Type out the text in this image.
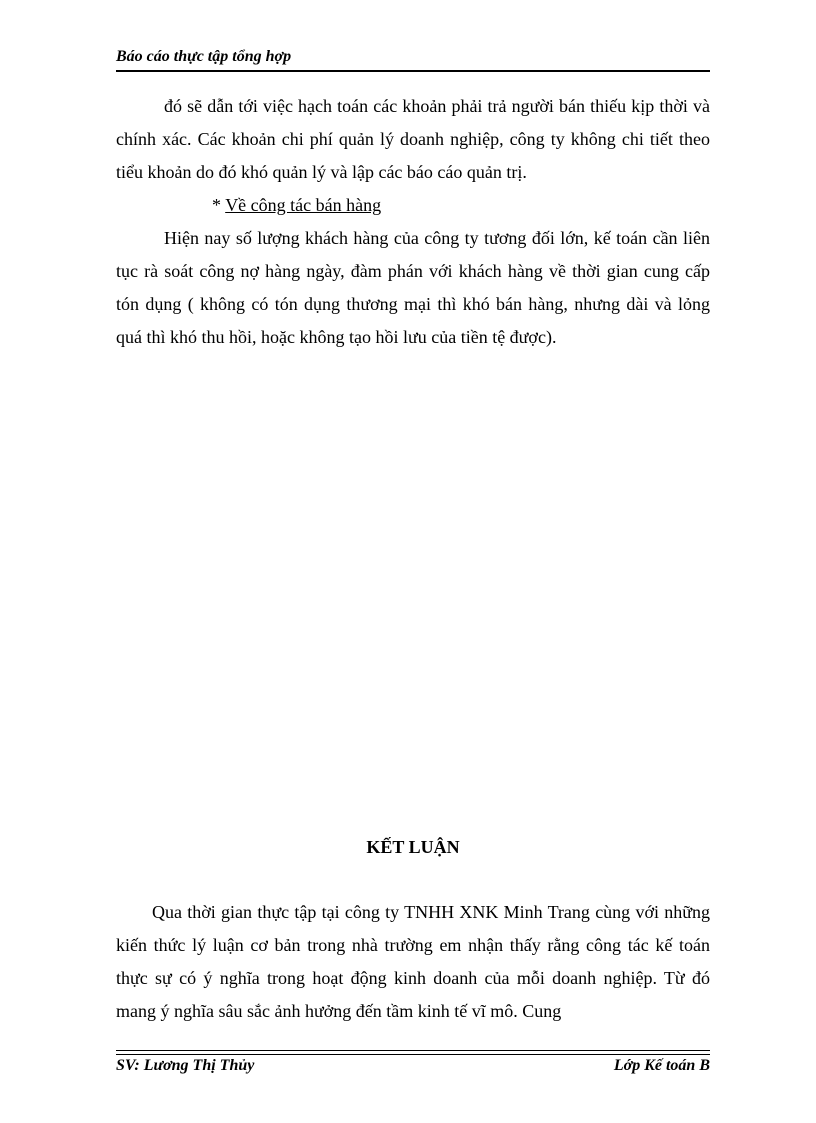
Báo cáo thực tập tổng hợp

đó sẽ dẫn tới việc hạch toán các khoản phải trả người bán thiếu kịp thời và chính xác. Các khoản chi phí quản lý doanh nghiệp, công ty không chi tiết theo tiểu khoản do đó khó quản lý và lập các báo cáo quản trị.

* Về công tác bán hàng

Hiện nay số lượng khách hàng của công ty tương đối lớn, kế toán cần liên tục rà soát công nợ hàng ngày, đàm phán với khách hàng về thời gian cung cấp tón dụng ( không có tón dụng thương mại thì khó bán hàng, nhưng dài và lỏng quá thì khó thu hồi, hoặc không tạo hồi lưu của tiền tệ được).

KẾT LUẬN

Qua thời gian thực tập tại công ty TNHH XNK Minh Trang cùng với những kiến thức lý luận cơ bản trong nhà trường em nhận thấy rằng công tác kế toán thực sự có ý nghĩa trong hoạt động kinh doanh của mỗi doanh nghiệp. Từ đó mang ý nghĩa sâu sắc ảnh hưởng đến tầm kinh tế vĩ mô. Cung

SV: Lương Thị Thủy	Lớp Kế toán B
